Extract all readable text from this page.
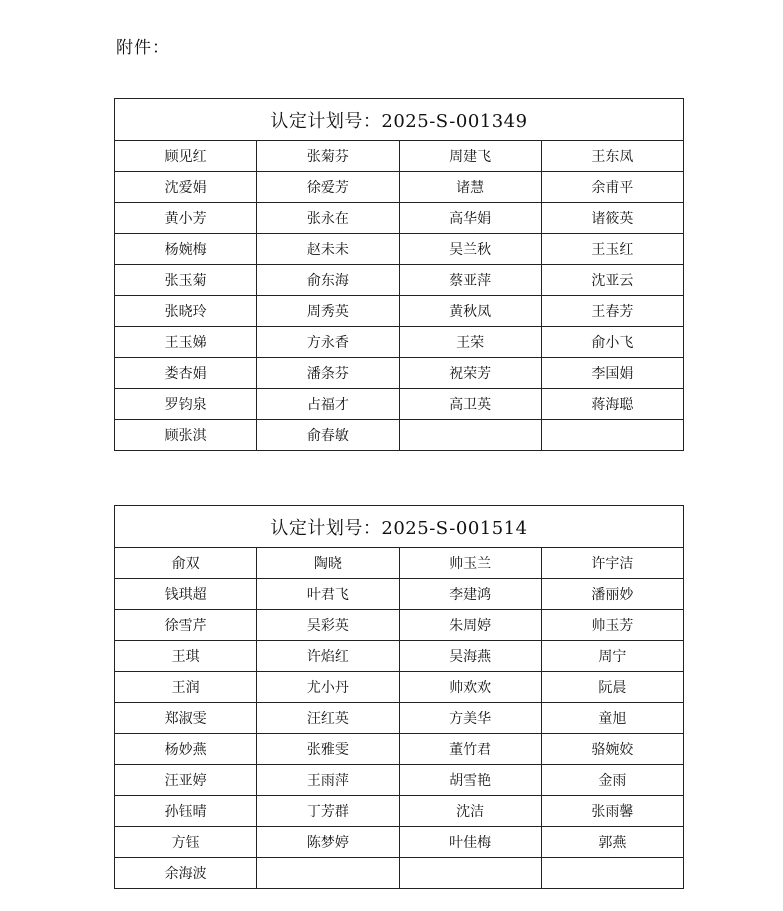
附件：
认定计划号：2025-S-001349			
顾见红	张菊芬	周建飞	王东凤
沈爱娟	徐爱芳	诸慧	余甫平
黄小芳	张永在	高华娟	诸筱英
杨婉梅	赵未未	吴兰秋	王玉红
张玉菊	俞东海	蔡亚萍	沈亚云
张晓玲	周秀英	黄秋凤	王春芳
王玉娣	方永香	王荣	俞小飞
娄杏娟	潘条芬	祝荣芳	李国娟
罗钧泉	占福才	高卫英	蒋海聪
顾张淇	俞春敏		
认定计划号：2025-S-001514			
俞双	陶晓	帅玉兰	许宇洁
钱琪超	叶君飞	李建鸿	潘丽妙
徐雪芹	吴彩英	朱周婷	帅玉芳
王琪	许焰红	吴海燕	周宁
王润	尤小丹	帅欢欢	阮晨
郑淑雯	汪红英	方美华	童旭
杨妙燕	张雅雯	董竹君	骆婉姣
汪亚婷	王雨萍	胡雪艳	金雨
孙钰晴	丁芳群	沈洁	张雨馨
方钰	陈梦婷	叶佳梅	郭燕
余海波			
